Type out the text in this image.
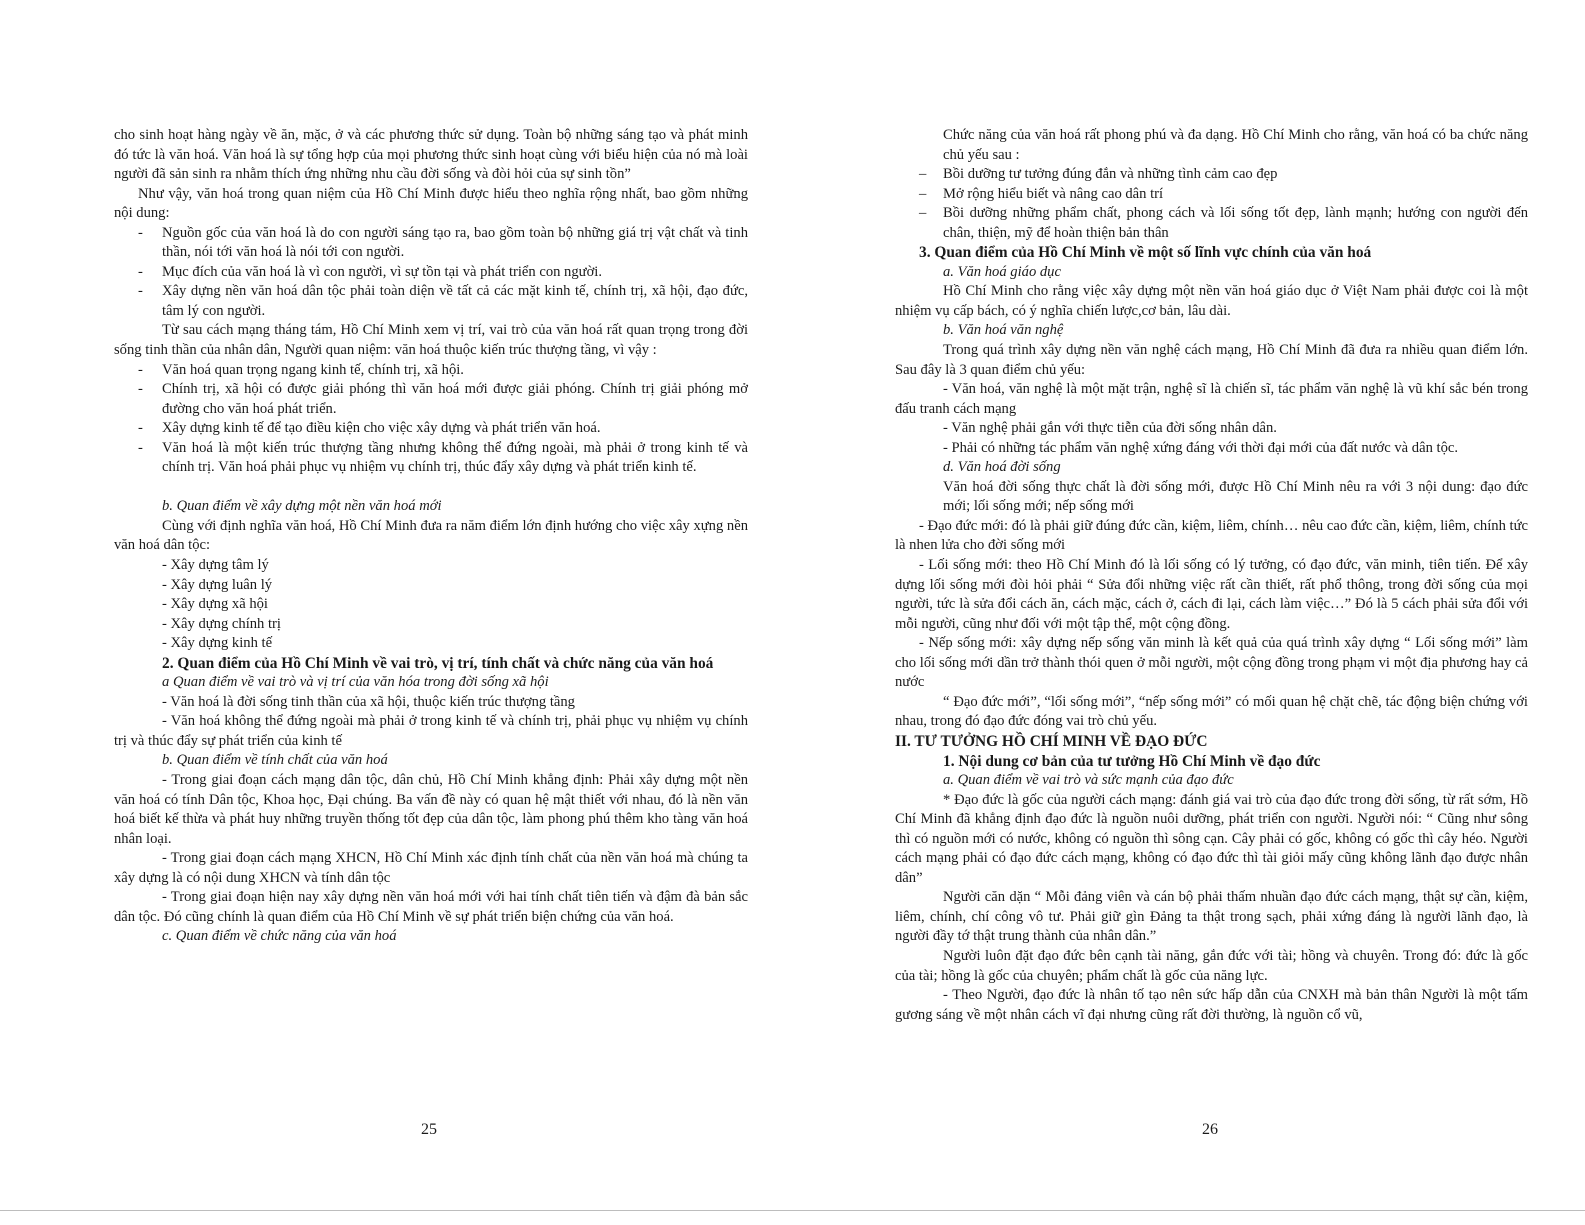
cho sinh hoạt hàng ngày về ăn, mặc, ở và các phương thức sử dụng. Toàn bộ những sáng tạo và phát minh đó tức là văn hoá. Văn hoá là sự tổng hợp của mọi phương thức sinh hoạt cùng với biểu hiện của nó mà loài người đã sản sinh ra nhằm thích ứng những nhu cầu đời sống và đòi hỏi của sự sinh tồn”

Như vậy, văn hoá trong quan niệm của Hồ Chí Minh được hiểu theo nghĩa rộng nhất, bao gồm những nội dung:

- Nguồn gốc của văn hoá là do con người sáng tạo ra, bao gồm toàn bộ những giá trị vật chất và tinh thần, nói tới văn hoá là nói tới con người.

- Mục đích của văn hoá là vì con người, vì sự tồn tại và phát triển con người.

- Xây dựng nền văn hoá dân tộc phải toàn diện về tất cả các mặt kinh tế, chính trị, xã hội, đạo đức, tâm lý con người.

Từ sau cách mạng tháng tám, Hồ Chí Minh xem vị trí, vai trò của văn hoá rất quan trọng trong đời sống tinh thần của nhân dân, Người quan niệm: văn hoá thuộc kiến trúc thượng tầng, vì vậy :

- Văn hoá quan trọng ngang kinh tế, chính trị, xã hội.

- Chính trị, xã hội có được giải phóng thì văn hoá mới được giải phóng. Chính trị giải phóng mở đường cho văn hoá phát triển.

- Xây dựng kinh tế để tạo điều kiện cho việc xây dựng và phát triển văn hoá.

- Văn hoá là một kiến trúc thượng tầng nhưng không thể đứng ngoài, mà phải ở trong kinh tế và chính trị. Văn hoá phải phục vụ nhiệm vụ chính trị, thúc đẩy xây dựng và phát triển kinh tế.

b. Quan điểm về xây dựng một nền văn hoá mới

Cùng với định nghĩa văn hoá, Hồ Chí Minh đưa ra năm điểm lớn định hướng cho việc xây xựng nền văn hoá dân tộc:

- Xây dựng tâm lý

- Xây dựng luân lý

- Xây dựng xã hội

- Xây dựng chính trị

- Xây dựng kinh tế

2. Quan điểm của Hồ Chí Minh về vai trò, vị trí, tính chất và chức năng của văn hoá

a Quan điểm về vai trò và vị trí của văn hóa trong đời sống xã hội

- Văn hoá là đời sống tinh thần của xã hội, thuộc kiến trúc thượng tầng

- Văn hoá không thể đứng ngoài mà phải ở trong kinh tế và chính trị, phải phục vụ nhiệm vụ chính trị và thúc đẩy sự phát triển của kinh tế

b. Quan điểm về tính chất của văn hoá

- Trong giai đoạn cách mạng dân tộc, dân chủ, Hồ Chí Minh khẳng định: Phải xây dựng một nền văn hoá có tính Dân tộc, Khoa học, Đại chúng. Ba vấn đề này có quan hệ mật thiết với nhau, đó là nền văn hoá biết kế thừa và phát huy những truyền thống tốt đẹp của dân tộc, làm phong phú thêm kho tàng văn hoá nhân loại.

- Trong giai đoạn cách mạng XHCN, Hồ Chí Minh xác định tính chất của nền văn hoá mà chúng ta xây dựng là có nội dung XHCN và tính dân tộc

- Trong giai đoạn hiện nay xây dựng nền văn hoá mới với hai tính chất tiên tiến và đậm đà bản sắc dân tộc. Đó cũng chính là quan điểm của Hồ Chí Minh về sự phát triển biện chứng của văn hoá.

c. Quan điểm về chức năng của văn hoá

Chức năng của văn hoá rất phong phú và đa dạng. Hồ Chí Minh cho rằng, văn hoá có ba chức năng chủ yếu sau :

– Bồi dưỡng tư tưởng đúng đắn và những tình cảm cao đẹp

– Mở rộng hiểu biết và nâng cao dân trí

– Bồi dưỡng những phẩm chất, phong cách và lối sống tốt đẹp, lành mạnh; hướng con người đến chân, thiện, mỹ để hoàn thiện bản thân

3. Quan điểm của Hồ Chí Minh về một số lĩnh vực chính của văn hoá

a. Văn hoá giáo dục

Hồ Chí Minh cho rằng việc xây dựng một nền văn hoá giáo dục ở Việt Nam phải được coi là một nhiệm vụ cấp bách, có ý nghĩa chiến lược,cơ bản, lâu dài.

b. Văn hoá văn nghệ

Trong quá trình xây dựng nền văn nghệ cách mạng, Hồ Chí Minh đã đưa ra nhiều quan điểm lớn. Sau đây là 3 quan điểm chủ yếu:

- Văn hoá, văn nghệ là một mặt trận, nghệ sĩ là chiến sĩ, tác phẩm văn nghệ là vũ khí sắc bén trong đấu tranh cách mạng

- Văn nghệ phải gắn với thực tiễn của đời sống nhân dân.

- Phải có những tác phẩm văn nghệ xứng đáng với thời đại mới của đất nước và dân tộc.

d. Văn hoá đời sống

Văn hoá đời sống thực chất là đời sống mới, được Hồ Chí Minh nêu ra với 3 nội dung: đạo đức mới; lối sống mới; nếp sống mới

- Đạo đức mới: đó là phải giữ đúng đức cần, kiệm, liêm, chính… nêu cao đức cần, kiệm, liêm, chính tức là nhen lửa cho đời sống mới

- Lối sống mới: theo Hồ Chí Minh đó là lối sống có lý tưởng, có đạo đức, văn minh, tiên tiến. Để xây dựng lối sống mới đòi hỏi phải “ Sửa đổi những việc rất cần thiết, rất phổ thông, trong đời sống của mọi người, tức là sửa đổi cách ăn, cách mặc, cách ở, cách đi lại, cách làm việc…” Đó là 5 cách phải sửa đổi với mỗi người, cũng như đối với một tập thể, một cộng đồng.

- Nếp sống mới: xây dựng nếp sống văn minh là kết quả của quá trình xây dựng “ Lối sống mới” làm cho lối sống mới dần trở thành thói quen ở mỗi người, một cộng đồng trong phạm vi một địa phương hay cả nước

“ Đạo đức mới”, “lối sống mới”, “nếp sống mới” có mối quan hệ chặt chẽ, tác động biện chứng với nhau, trong đó đạo đức đóng vai trò chủ yếu.

II. TƯ TƯỞNG HỒ CHÍ MINH VỀ ĐẠO ĐỨC

1. Nội dung cơ bản của tư tưởng Hồ Chí Minh về đạo đức

a. Quan điểm về vai trò và sức mạnh của đạo đức

* Đạo đức là gốc của người cách mạng: đánh giá vai trò của đạo đức trong đời sống, từ rất sớm, Hồ Chí Minh đã khẳng định đạo đức là nguồn nuôi dưỡng, phát triển con người. Người nói: “ Cũng như sông thì có nguồn mới có nước, không có nguồn thì sông cạn. Cây phải có gốc, không có gốc thì cây héo. Người cách mạng phải có đạo đức cách mạng, không có đạo đức thì tài giỏi mấy cũng không lãnh đạo được nhân dân”

Người căn dặn “ Mỗi đảng viên và cán bộ phải thấm nhuần đạo đức cách mạng, thật sự cần, kiệm, liêm, chính, chí công vô tư. Phải giữ gìn Đảng ta thật trong sạch, phải xứng đáng là người lãnh đạo, là người đầy tớ thật trung thành của nhân dân.”

Người luôn đặt đạo đức bên cạnh tài năng, gắn đức với tài; hồng và chuyên. Trong đó: đức là gốc của tài; hồng là gốc của chuyên; phẩm chất là gốc của năng lực.

- Theo Người, đạo đức là nhân tố tạo nên sức hấp dẫn của CNXH mà bản thân Người là một tấm gương sáng về một nhân cách vĩ đại nhưng cũng rất đời thường, là nguồn cổ vũ,

25	26
